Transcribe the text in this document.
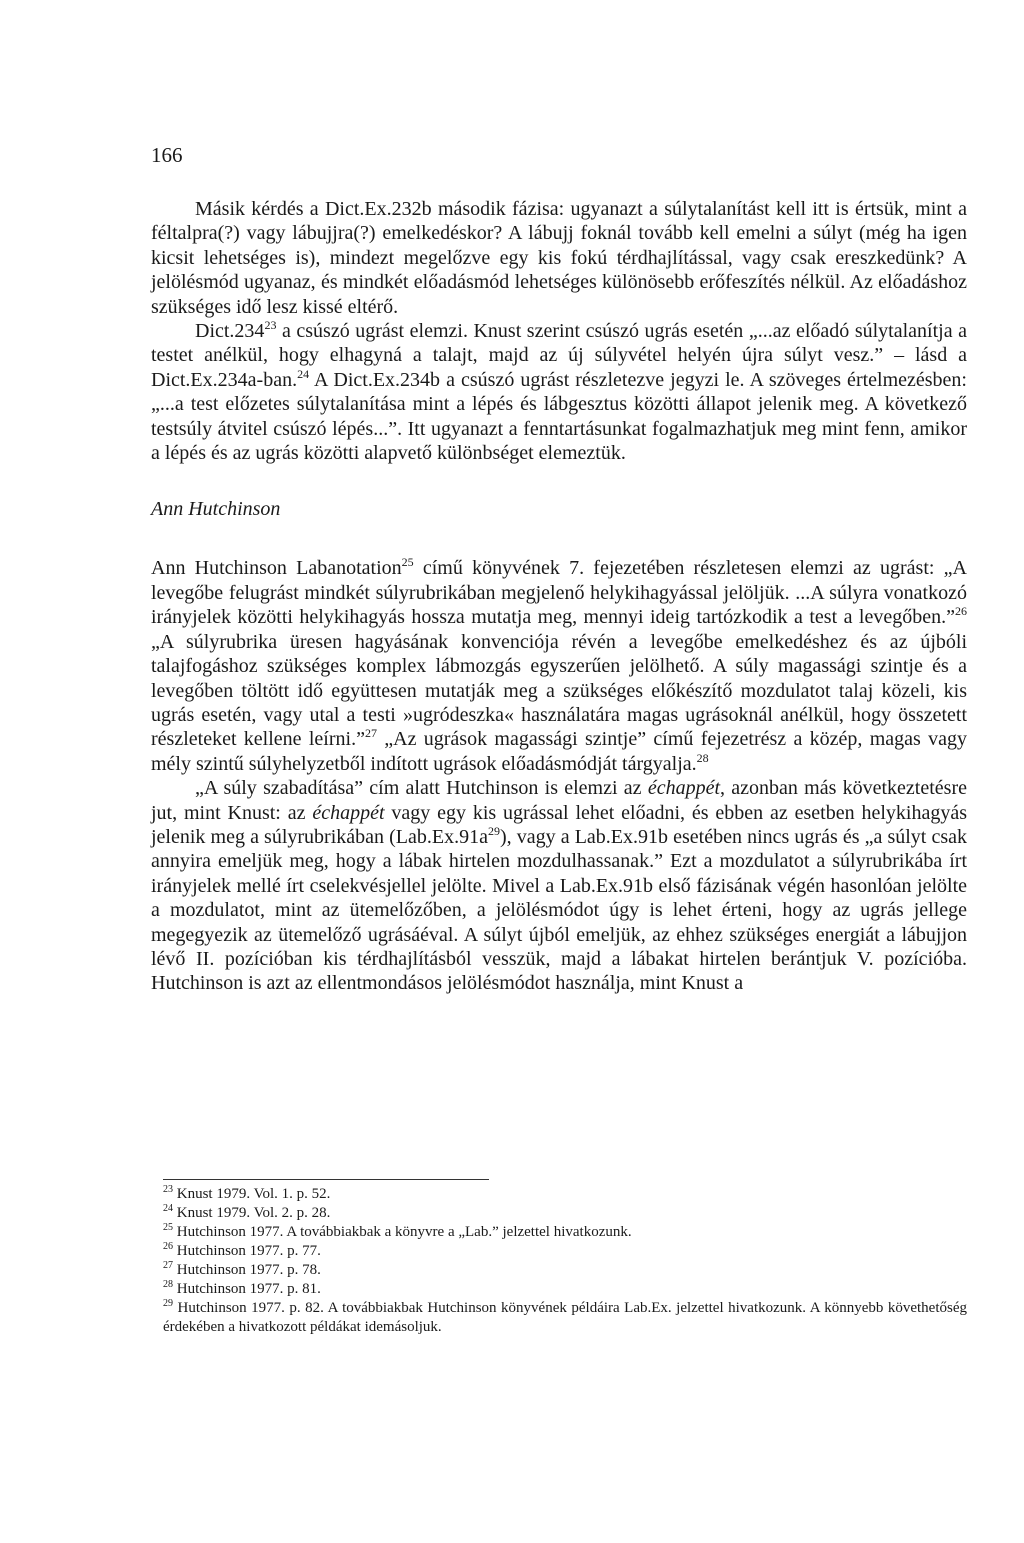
166

Másik kérdés a Dict.Ex.232b második fázisa: ugyanazt a súlytalanítást kell itt is értsük, mint a féltalpra(?) vagy lábujjra(?) emelkedéskor? A lábujj foknál tovább kell emelni a súlyt (még ha igen kicsit lehetséges is), mindezt megelőzve egy kis fokú térdhajlítással, vagy csak ereszkedünk? A jelölésmód ugyanaz, és mindkét előadásmód lehetséges különösebb erőfeszítés nélkül. Az előadáshoz szükséges idő lesz kissé eltérő.

Dict.234$^{23}$ a csúszó ugrást elemzi. Knust szerint csúszó ugrás esetén „...az előadó súlytalanítja a testet anélkül, hogy elhagyná a talajt, majd az új súlyvétel helyén újra súlyt vesz.” – lásd a Dict.Ex.234a-ban.$^{24}$ A Dict.Ex.234b a csúszó ugrást részletezve jegyzi le. A szöveges értelmezésben: „...a test előzetes súlytalanítása mint a lépés és lábgesztus közötti állapot jelenik meg. A következő testsúly átvitel csúszó lépés...”. Itt ugyanazt a fenntartásunkat fogalmazhatjuk meg mint fenn, amikor a lépés és az ugrás közötti alapvető különbséget elemeztük.

Ann Hutchinson

Ann Hutchinson Labanotation$^{25}$ című könyvének 7. fejezetében részletesen elemzi az ugrást: „A levegőbe felugrást mindkét súlyrubrikában megjelenő helykihagyással jelöljük. ...A súlyra vonatkozó irányjelek közötti helykihagyás hossza mutatja meg, mennyi ideig tartózkodik a test a levegőben.”$^{26}$ „A súlyrubrika üresen hagyásának konvenciója révén a levegőbe emelkedéshez és az újbóli talajfogáshoz szükséges komplex lábmozgás egyszerűen jelölhető. A súly magassági szintje és a levegőben töltött idő együttesen mutatják meg a szükséges előkészítő mozdulatot talaj közeli, kis ugrás esetén, vagy utal a testi »ugródeszka« használatára magas ugrásoknál anélkül, hogy összetett részleteket kellene leírni.”$^{27}$ „Az ugrások magassági szintje” című fejezetrész a közép, magas vagy mély szintű súlyhelyzetből indított ugrások előadásmódját tárgyalja.$^{28}$

„A súly szabadítása” cím alatt Hutchinson is elemzi az échappét, azonban más következtetésre jut, mint Knust: az échappét vagy egy kis ugrással lehet előadni, és ebben az esetben helykihagyás jelenik meg a súlyrubrikában $(Lab.Ex.91a^{29})$, vagy a Lab.Ex.91b esetében nincs ugrás és „a súlyt csak annyira emeljük meg, hogy a lábak hirtelen mozdulhassanak.” Ezt a mozdulatot a súlyrubrikába írt irányjelek mellé írt cselekvésjellel jelölte. Mivel a Lab.Ex.91b első fázisának végén hasonlóan jelölte a mozdulatot, mint az ütemelőzőben, a jelölésmódot úgy is lehet érteni, hogy az ugrás jellege megegyezik az ütemelőző ugrásáéval. A súlyt újból emeljük, az ehhez szükséges energiát a lábujjon lévő II. pozícióban kis térdhajlításból vesszük, majd a lábakat hirtelen berántjuk V. pozícióba. Hutchinson is azt az ellentmondásos jelölésmódot használja, mint Knust a

$^{23}$ Knust 1979. Vol. 1. p. 52.

$^{24}$ Knust 1979. Vol. 2. p. 28.

$^{25}$ Hutchinson 1977. A továbbiakbak a könyvre a „Lab.” jelzettel hivatkozunk.

$^{26}$ Hutchinson 1977. p. 77.

$^{27}$ Hutchinson 1977. p. 78.

$^{28}$ Hutchinson 1977. p. 81.

$^{29}$ Hutchinson 1977. p. 82. A továbbiakbak Hutchinson könyvének példáira Lab.Ex. jelzettel hivatkozunk. A könnyebb követhetőség érdekében a hivatkozott példákat idemásoljuk.
